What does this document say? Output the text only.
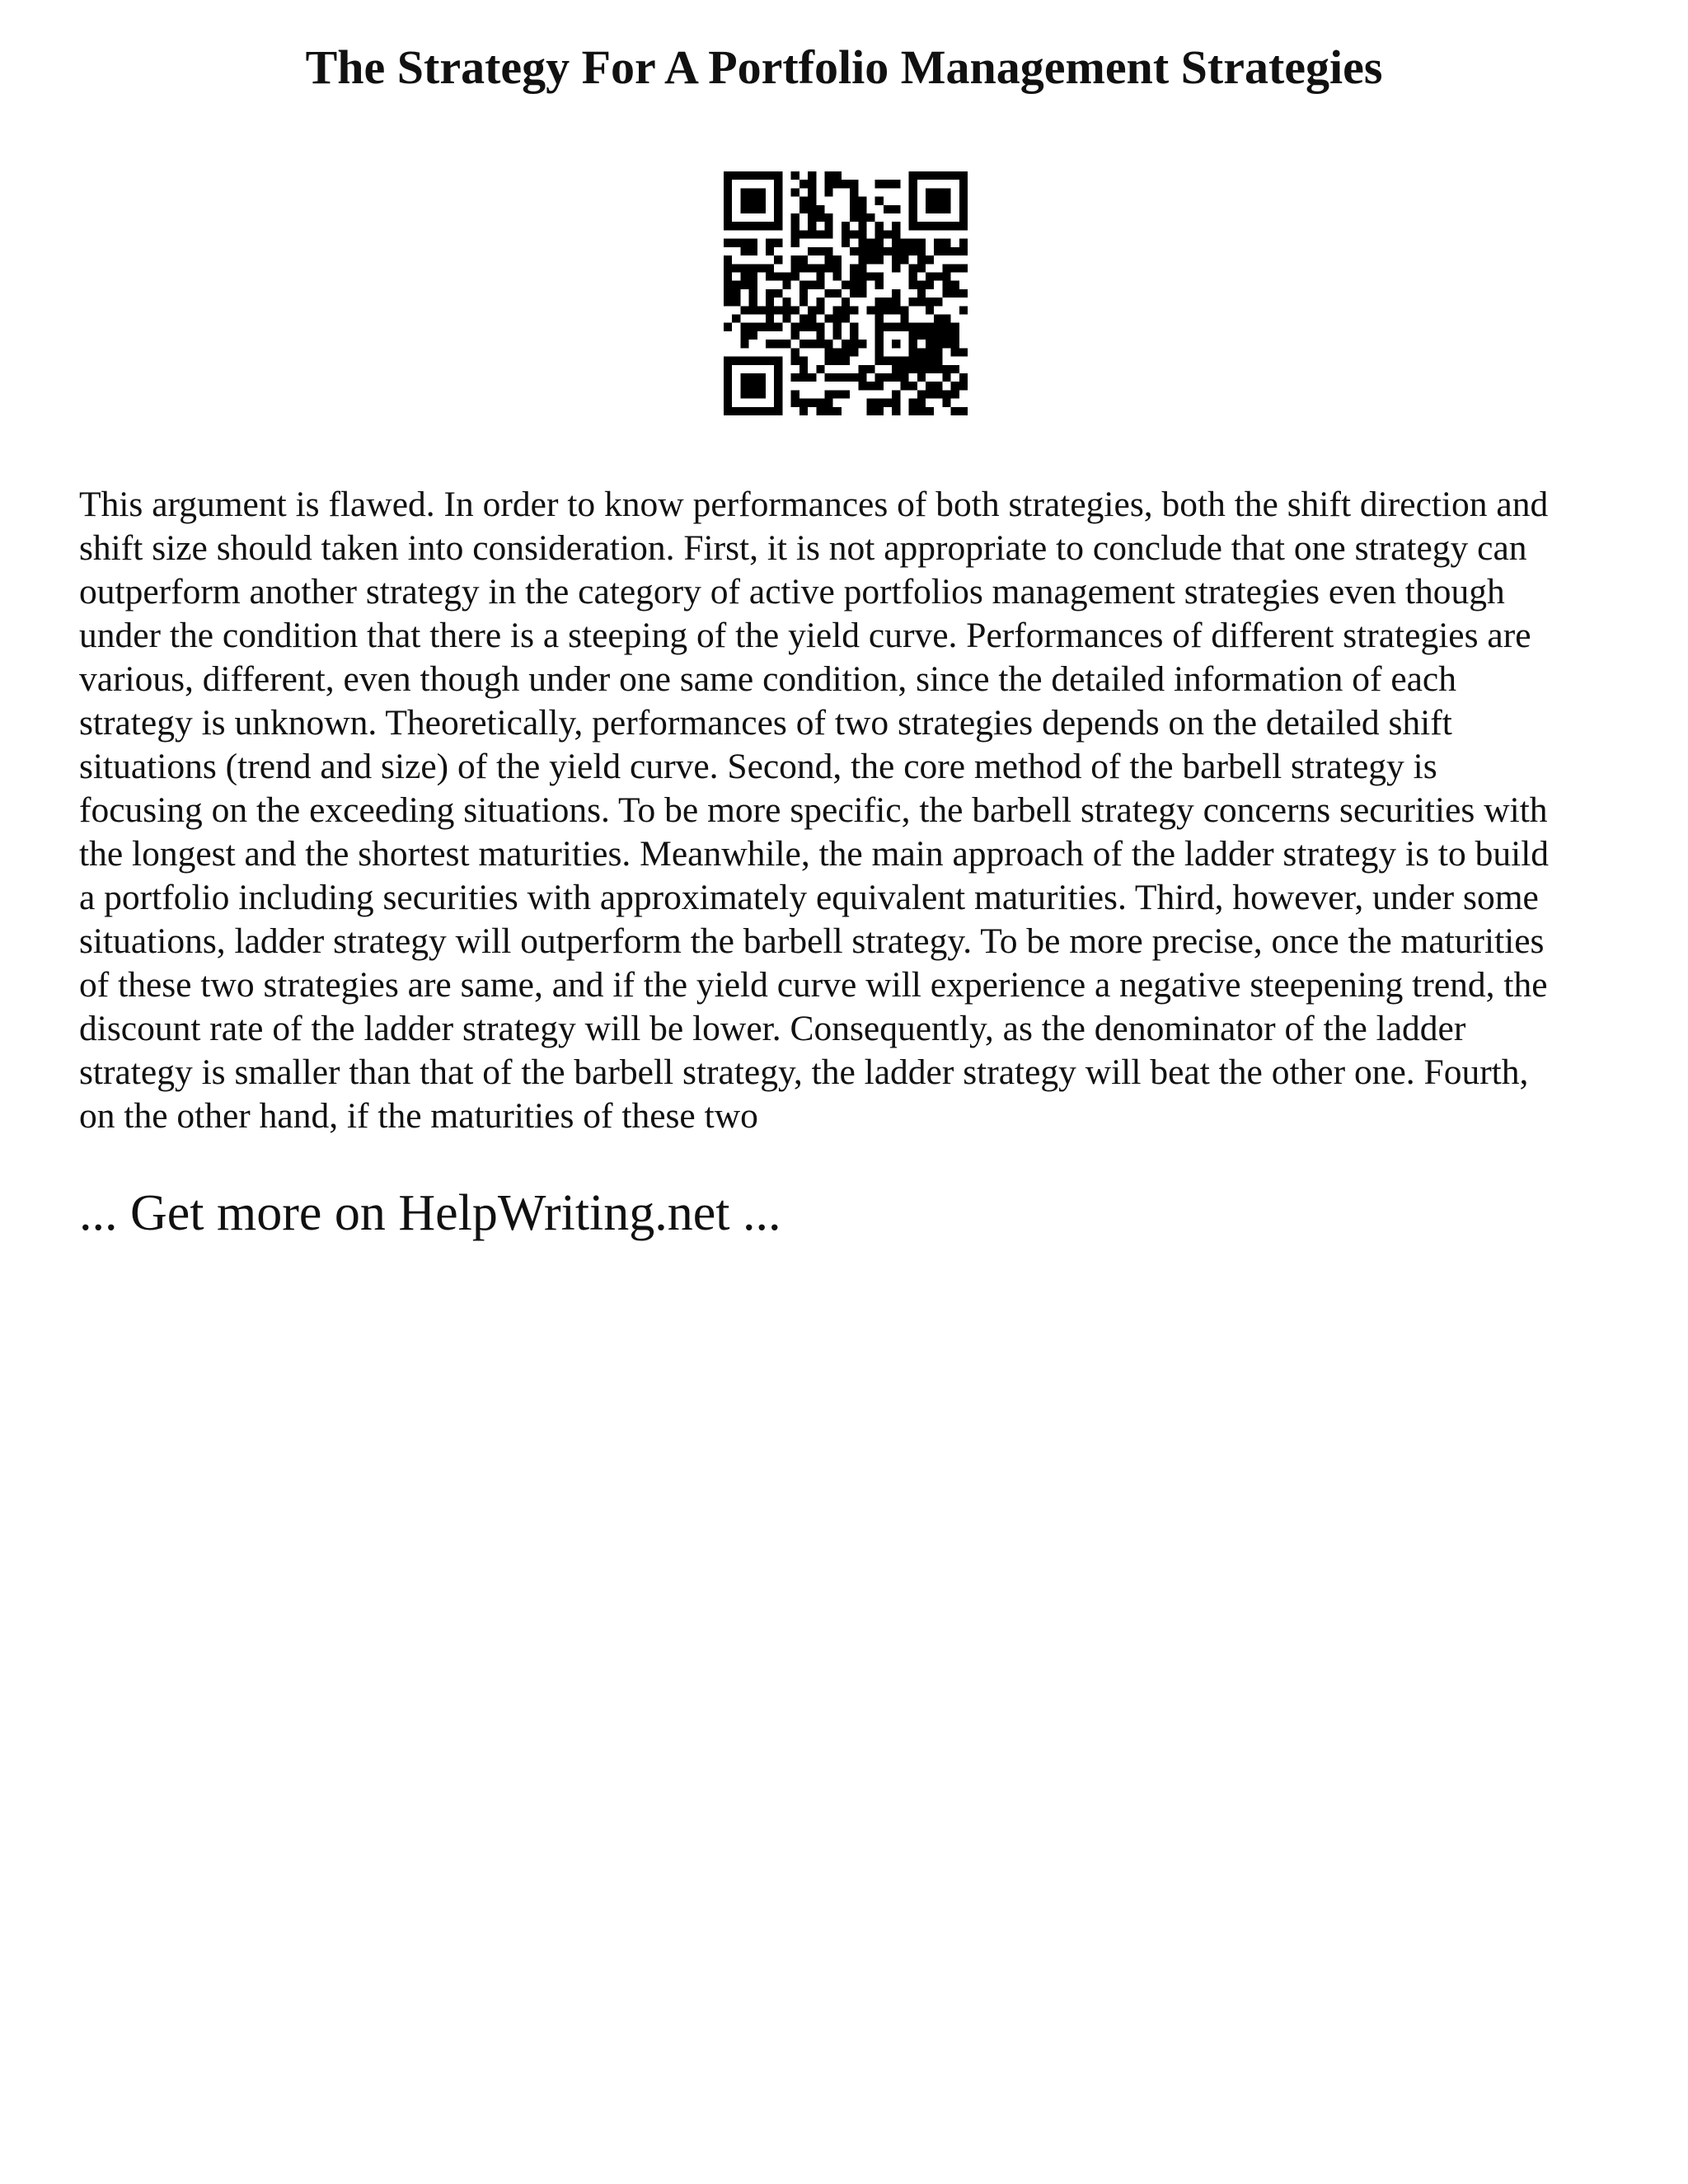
The Strategy For A Portfolio Management Strategies

This argument is flawed. In order to know performances of both strategies, both the shift direction and
shift size should taken into consideration. First, it is not appropriate to conclude that one strategy can
outperform another strategy in the category of active portfolios management strategies even though
under the condition that there is a steeping of the yield curve. Performances of different strategies are
various, different, even though under one same condition, since the detailed information of each
strategy is unknown. Theoretically, performances of two strategies depends on the detailed shift
situations (trend and size) of the yield curve. Second, the core method of the barbell strategy is
focusing on the exceeding situations. To be more specific, the barbell strategy concerns securities with
the longest and the shortest maturities. Meanwhile, the main approach of the ladder strategy is to build
a portfolio including securities with approximately equivalent maturities. Third, however, under some
situations, ladder strategy will outperform the barbell strategy. To be more precise, once the maturities
of these two strategies are same, and if the yield curve will experience a negative steepening trend, the
discount rate of the ladder strategy will be lower. Consequently, as the denominator of the ladder
strategy is smaller than that of the barbell strategy, the ladder strategy will beat the other one. Fourth,
on the other hand, if the maturities of these two

... Get more on HelpWriting.net ...
